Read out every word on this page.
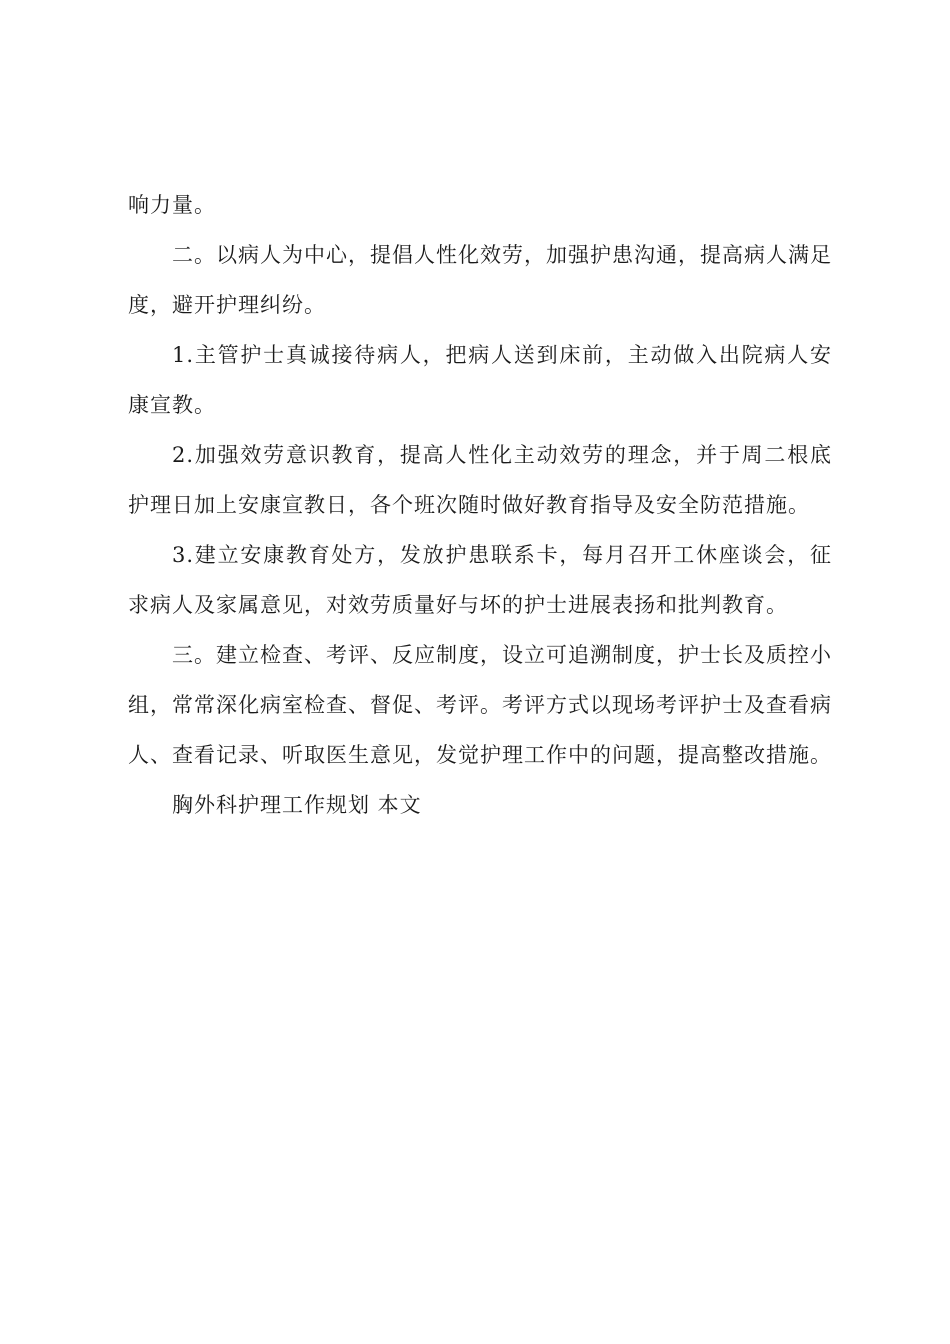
响力量。

二。以病人为中心，提倡人性化效劳，加强护患沟通，提高病人满足度，避开护理纠纷。

1.主管护士真诚接待病人，把病人送到床前，主动做入出院病人安康宣教。

2.加强效劳意识教育，提高人性化主动效劳的理念，并于周二根底护理日加上安康宣教日，各个班次随时做好教育指导及安全防范措施。

3.建立安康教育处方，发放护患联系卡，每月召开工休座谈会，征求病人及家属意见，对效劳质量好与坏的护士进展表扬和批判教育。

三。建立检查、考评、反应制度，设立可追溯制度，护士长及质控小组，常常深化病室检查、督促、考评。考评方式以现场考评护士及查看病人、查看记录、听取医生意见，发觉护理工作中的问题，提高整改措施。

胸外科护理工作规划 本文
